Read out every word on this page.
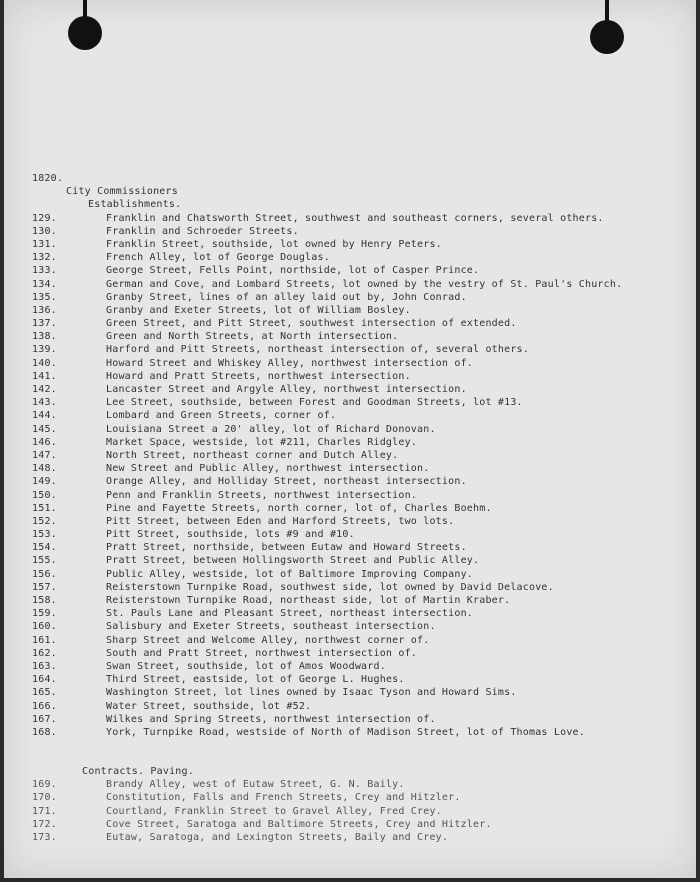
1820.
City Commissioners
Establishments.
129.	Franklin and Chatsworth Street, southwest and southeast corners, several others.
130.	Franklin and Schroeder Streets.
131.	Franklin Street, southside, lot owned by Henry Peters.
132.	French Alley, lot of George Douglas.
133.	George Street, Fells Point, northside, lot of Casper Prince.
134.	German and Cove, and Lombard Streets, lot owned by the vestry of St. Paul's Church.
135.	Granby Street, lines of an alley laid out by, John Conrad.
136.	Granby and Exeter Streets, lot of William Bosley.
137.	Green Street, and Pitt Street, southwest intersection of extended.
138.	Green and North Streets, at North intersection.
139.	Harford and Pitt Streets, northeast intersection of, several others.
140.	Howard Street and Whiskey Alley, northwest intersection of.
141.	Howard and Pratt Streets, northwest intersection.
142.	Lancaster Street and Argyle Alley, northwest intersection.
143.	Lee Street, southside, between Forest and Goodman Streets, lot #13.
144.	Lombard and Green Streets, corner of.
145.	Louisiana Street a 20' alley, lot of Richard Donovan.
146.	Market Space, westside, lot #211, Charles Ridgley.
147.	North Street, northeast corner and Dutch Alley.
148.	New Street and Public Alley, northwest intersection.
149.	Orange Alley, and Holliday Street, northeast intersection.
150.	Penn and Franklin Streets, northwest intersection.
151.	Pine and Fayette Streets, north corner, lot of, Charles Boehm.
152.	Pitt Street, between Eden and Harford Streets, two lots.
153.	Pitt Street, southside, lots #9 and #10.
154.	Pratt Street, northside, between Eutaw and Howard Streets.
155.	Pratt Street, between Hollingsworth Street and Public Alley.
156.	Public Alley, westside, lot of Baltimore Improving Company.
157.	Reisterstown Turnpike Road, southwest side, lot owned by David Delacove.
158.	Reisterstown Turnpike Road, northeast side, lot of Martin Kraber.
159.	St. Pauls Lane and Pleasant Street, northeast intersection.
160.	Salisbury and Exeter Streets, southeast intersection.
161.	Sharp Street and Welcome Alley, northwest corner of.
162.	South and Pratt Street, northwest intersection of.
163.	Swan Street, southside, lot of Amos Woodward.
164.	Third Street, eastside, lot of George L. Hughes.
165.	Washington Street, lot lines owned by Isaac Tyson and Howard Sims.
166.	Water Street, southside, lot #52.
167.	Wilkes and Spring Streets, northwest intersection of.
168.	York, Turnpike Road, westside of North of Madison Street, lot of Thomas Love.
Contracts. Paving.
169.	Brandy Alley, west of Eutaw Street, G. N. Baily.
170.	Constitution, Falls and French Streets, Crey and Hitzler.
171.	Courtland, Franklin Street to Gravel Alley, Fred Crey.
172.	Cove Street, Saratoga and Baltimore Streets, Crey and Hitzler.
173.	Eutaw, Saratoga, and Lexington Streets, Baily and Crey.
